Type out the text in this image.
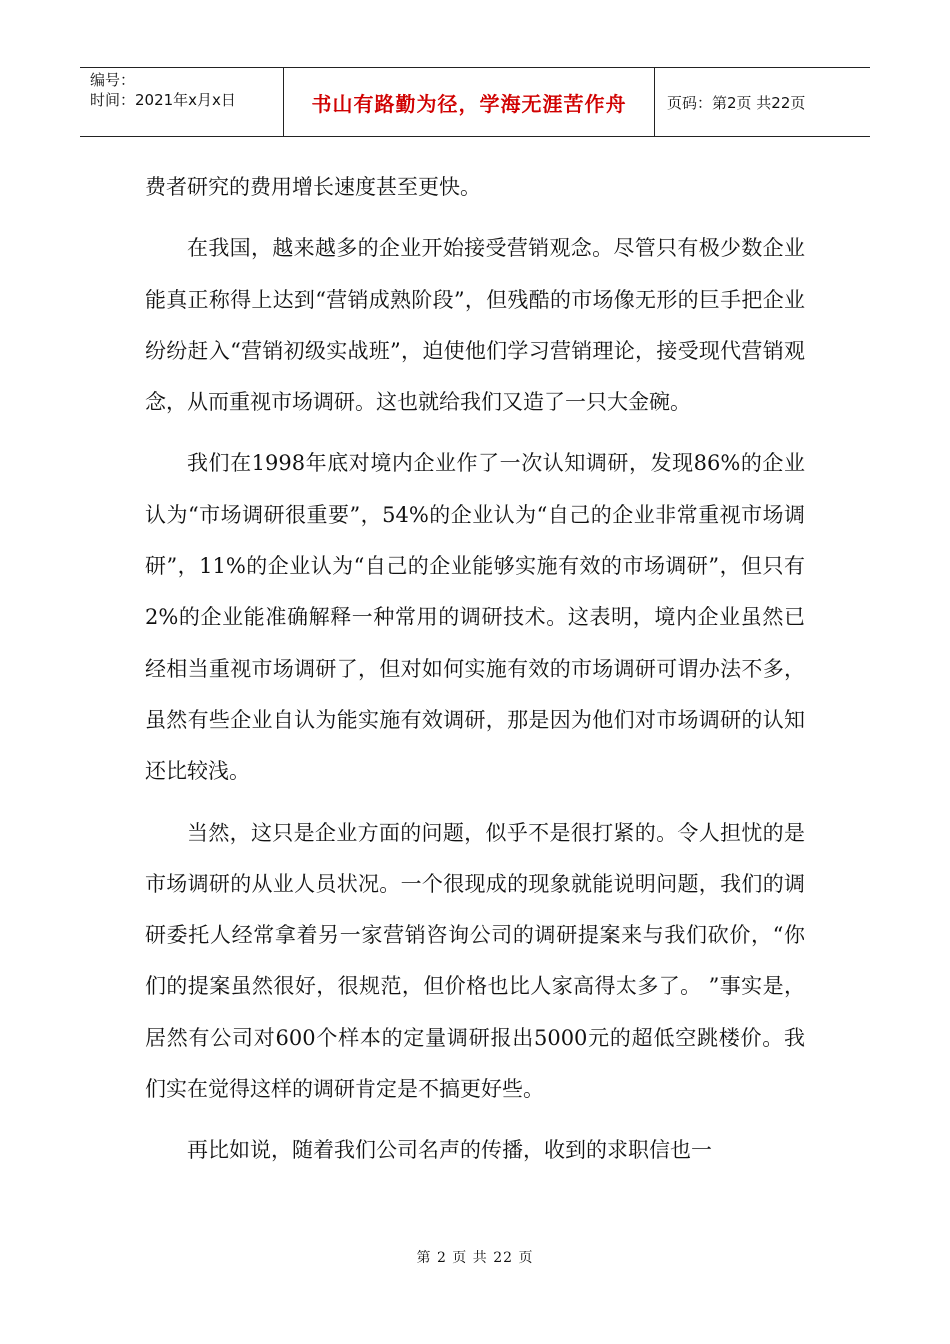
编号：
时间：2021年x月x日	书山有路勤为径，学海无涯苦作舟	页码：第2页 共22页

费者研究的费用增长速度甚至更快。

在我国，越来越多的企业开始接受营销观念。尽管只有极少数企业能真正称得上达到“营销成熟阶段”，但残酷的市场像无形的巨手把企业纷纷赶入“营销初级实战班”，迫使他们学习营销理论，接受现代营销观念，从而重视市场调研。这也就给我们又造了一只大金碗。

我们在1998年底对境内企业作了一次认知调研，发现86%的企业认为“市场调研很重要”，54%的企业认为“自己的企业非常重视市场调研”，11%的企业认为“自己的企业能够实施有效的市场调研”，但只有2%的企业能准确解释一种常用的调研技术。这表明，境内企业虽然已经相当重视市场调研了，但对如何实施有效的市场调研可谓办法不多，虽然有些企业自认为能实施有效调研，那是因为他们对市场调研的认知还比较浅。

当然，这只是企业方面的问题，似乎不是很打紧的。令人担忧的是市场调研的从业人员状况。一个很现成的现象就能说明问题，我们的调研委托人经常拿着另一家营销咨询公司的调研提案来与我们砍价，“你们的提案虽然很好，很规范，但价格也比人家高得太多了。 ”事实是，居然有公司对600个样本的定量调研报出5000元的超低空跳楼价。我们实在觉得这样的调研肯定是不搞更好些。

再比如说，随着我们公司名声的传播，收到的求职信也一

第 2 页 共 22 页
